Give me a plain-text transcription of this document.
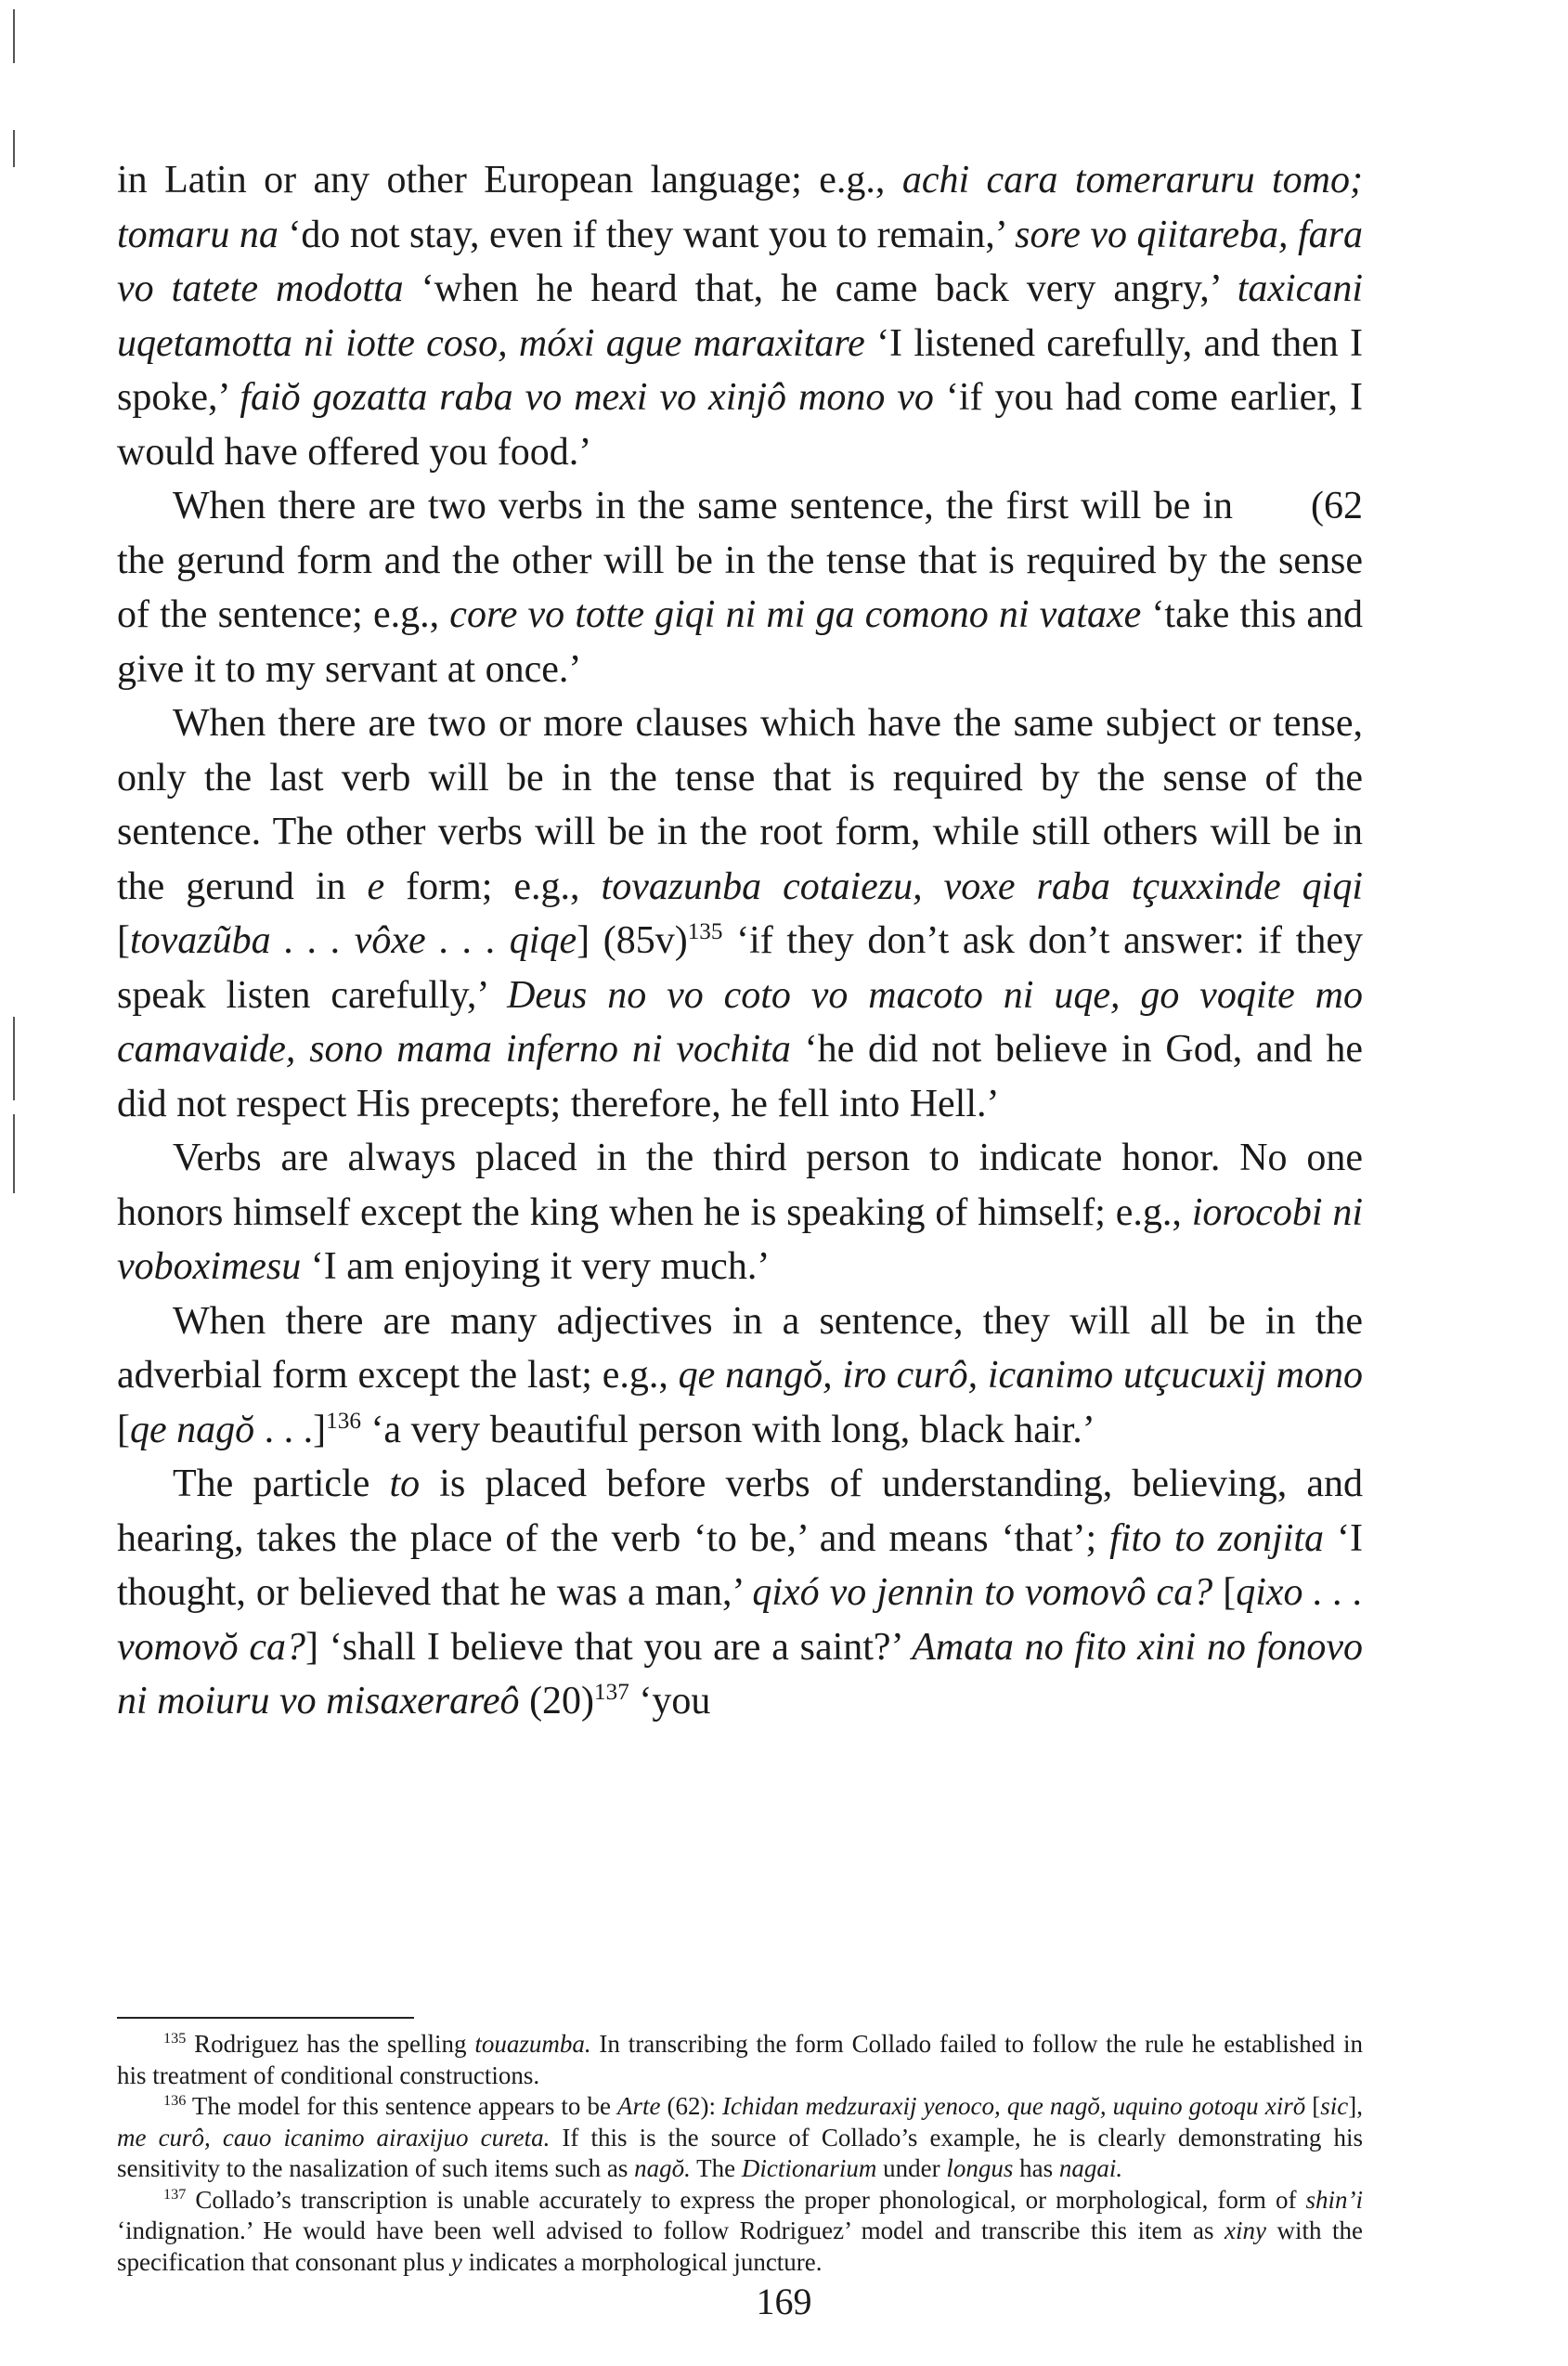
in Latin or any other European language; e.g., achi cara tomeraruru tomo; tomaru na ‘do not stay, even if they want you to remain,’ sore vo qiitareba, fara vo tatete modotta ‘when he heard that, he came back very angry,’ taxicani uqetamotta ni iotte coso, móxi ague maraxitare ‘I listened carefully, and then I spoke,’ faiŏ gozatta raba vo mexi vo xinjô mono vo ‘if you had come earlier, I would have offered you food.’

(62
When there are two verbs in the same sentence, the first will be in the gerund form and the other will be in the tense that is required by the sense of the sentence; e.g., core vo totte giqi ni mi ga comono ni vataxe ‘take this and give it to my servant at once.’

When there are two or more clauses which have the same subject or tense, only the last verb will be in the tense that is required by the sense of the sentence. The other verbs will be in the root form, while still others will be in the gerund in e form; e.g., tovazunba cotaiezu, voxe raba tçuxxinde qiqi [tovazũba . . . vôxe . . . qiqe] $(85v)^{135}$ ‘if they don’t ask don’t answer: if they speak listen carefully,’ Deus no vo coto vo macoto ni uqe, go voqite mo camavaide, sono mama inferno ni vochita ‘he did not believe in God, and he did not respect His precepts; therefore, he fell into Hell.’

Verbs are always placed in the third person to indicate honor. No one honors himself except the king when he is speaking of himself; e.g., iorocobi ni voboximesu ‘I am enjoying it very much.’

When there are many adjectives in a sentence, they will all be in the adverbial form except the last; e.g., qe nangŏ, iro curô, icanimo utçucuxij mono [qe nagŏ . . .]$^{136}$ ‘a very beautiful person with long, black hair.’

The particle to is placed before verbs of understanding, believing, and hearing, takes the place of the verb ‘to be,’ and means ‘that’; fito to zonjita ‘I thought, or believed that he was a man,’ qixó vo jennin to vomovô ca? [qixo . . . vomovŏ ca?] ‘shall I believe that you are a saint?’ Amata no fito xini no fonovo ni moiuru vo misaxerareô $(20)^{137}$ ‘you

$^{135}$ Rodriguez has the spelling touazumba. In transcribing the form Collado failed to follow the rule he established in his treatment of conditional constructions.

$^{136}$ The model for this sentence appears to be Arte (62): Ichidan medzuraxij yenoco, que nagŏ, uquino gotoqu xirŏ [sic], me curô, cauo icanimo airaxijuo cureta. If this is the source of Collado’s example, he is clearly demonstrating his sensitivity to the nasalization of such items such as nagŏ. The Dictionarium under longus has nagai.

$^{137}$ Collado’s transcription is unable accurately to express the proper phonological, or morphological, form of shin’i ‘indignation.’ He would have been well advised to follow Rodriguez’ model and transcribe this item as xiny with the specification that consonant plus y indicates a morphological juncture.

169
